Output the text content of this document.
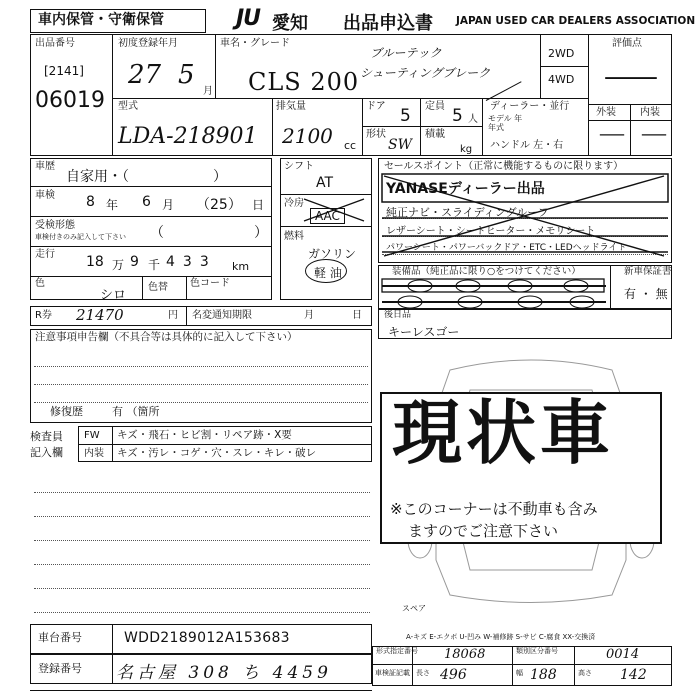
車内保管・守衛保管	JU 愛知 出品申込書 JAPAN USED CAR DEALERS ASSOCIATION
出品番号
[2141]
06019
初度登録年月
27 5
月
車名・グレード
CLS 200
ブルーテック
シューティングブレーク
2WD
4WD
評価点
—
型式
LDA-218901
排気量
2100 cc
ドア 5 定員 5 人
形状
SW
積載
kg
ディーラー・並行
モデル 年
年式
ハンドル 左・右
外装 内装
— —
車歴
自家用・（　　　　　　）
車検 8 年 6 月 （25） 日
受検形態
車検付きのみ記入して下さい （	）
走行 18 万 9 千 433 km
色
シロ
色替 色コード
シフト
AT
冷房
AAC
燃料
ガソリン
軽 油
セールスポイント（正常に機能するものに限ります）
YANASEディーラー出品
純正ナビ・スライディングルーフ
レザーシート・シートヒーター・メモリシート
パワーシート・パワーバックドア・ETC・LEDヘッドライト
装備品（純正品に限り○をつけてください）	新車保証書
有 ・ 無
R券 21470	円 名変通知期限	月	日 後日品
キーレスゴー
注意事項申告欄（不具合等は具体的に記入して下さい）
修復歴	有 （箇所
検査員
記入欄
FW キズ・飛石・ヒビ割・リペア跡・X要
内装 キズ・汚レ・コゲ・穴・スレ・キレ・破レ
スペア
現状車
※このコーナーは不動車も含み
ますのでご注意下さい
車台番号	WDD2189012A153683
登録番号 名古屋 308 ち 4459
A-キズ E-エクボ U-凹み W-補修跡 S-サビ C-腐食 XX-交換済
形式指定番号 18068	類別区分番号	0014
車検証記載 長さ 496	幅 188	高さ 142
